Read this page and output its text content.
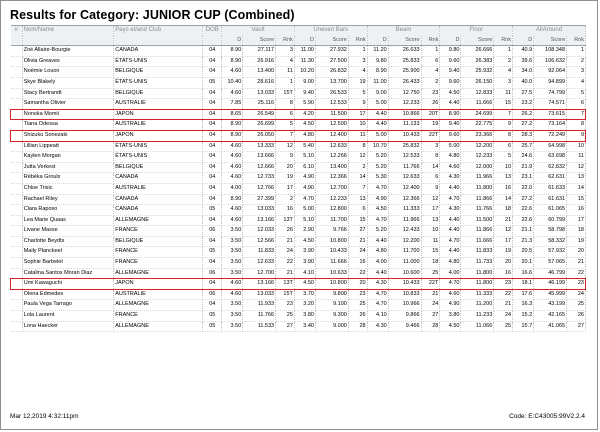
Results for Category: JUNIOR CUP (Combined)
#	Nom/Name	Pays et/and Club	DOB	Vault			Uneven Bars			Beam			Floor			AllAround		
				D	Score	Rnk	D	Score	Rnk	D	Score	Rnk	D	Score	Rnk	D	Score	Rnk
	Zoé Allaire-Bourgie	CANADA	04	8.90	27.117	3	11.00	27.932	1	11.20	26.633	1	9.80	26.666	1	40.9	108.348	1
	Olivia Greaves	ÉTATS-UNIS	04	8.90	26.916	4	11.30	27.500	3	9.80	25.833	6	9.60	26.383	2	39.6	106.632	2
	Noémie Louon	BELGIQUE	04	4.60	13.400	11	10.20	26.832	4	8.90	25.900	4	9.40	25.932	4	34.0	92.064	3
	Skye Blakely	ÉTATS-UNIS	05	10.40	28.616	1	9.00	13.700	19	11.00	26.433	2	9.60	26.150	3	40.0	94.899	4
	Stacy Bertrandt	BELGIQUE	04	4.60	13.033	15T	9.40	26.533	5	9.00	12.750	23	4.50	12.833	11	27.5	74.799	5
	Samantha Olivier	AUSTRALIE	04	7.85	25.116	8	5.90	12.533	9	5.00	12.233	26	4.40	11.666	15	23.2	74.571	6
	Nonoka Momii	JAPON	04	8.65	26.549	6	4.20	11.500	17	4.40	10.866	20T	8.90	24.699	7	26.2	73.615	7
	Tiana Odessa	AUSTRALIE	04	8.90	26.699	5	4.50	12.500	10	4.40	11.133	19	9.40	22.775	9	27.2	73.164	8
	Shizuku Sonezaki	JAPON	04	8.90	26.050	7	4.80	12.400	11	5.00	10.433	22T	9.60	23.366	8	28.3	72.249	9
	Lillian Lippeatt	ÉTATS-UNIS	04	4.60	13.333	12	5.40	12.633	8	10.70	25.832	3	5.00	12.200	6	25.7	64.998	10
	Kaylen Morgan	ÉTATS-UNIS	04	4.60	13.666	9	5.10	12.266	12	5.20	12.533	8	4.80	12.233	5	24.6	63.698	11
	Jutta Verkest	BELGIQUE	04	4.60	12.666	20	6.10	13.400	2	5.20	11.766	14	4.60	12.000	10	21.9	62.832	12
	Rébéka Groulx	CANADA	04	4.60	12.733	19	4.90	12.366	14	5.30	12.633	6	4.30	11.966	13	23.1	62.631	13
	Chloe Trisic	AUSTRALIE	04	4.00	12.766	17	4.90	12.700	7	4.70	12.400	9	4.40	11.800	16	22.0	61.633	14
	Rachael Riley	CANADA	04	8.90	27.399	2	4.70	12.233	13	4.90	12.366	12	4.70	11.866	14	27.2	61.631	15
	Clara Raposo	CANADA	05	4.60	13.033	16	5.00	12.800	6	4.50	11.333	17	4.30	11.766	18	22.6	61.065	16
	Lea Marie Quaas	ALLEMAGNE	04	4.60	13.166	13T	5.10	11.700	15	4.70	11.966	13	4.40	11.500	21	22.6	60.799	17
	Livane Masse	FRANCE	06	3.50	12.033	26	2.90	9.766	27	5.20	12.433	10	4.40	11.866	12	21.1	58.798	18
	Charlotte Beydts	BELGIQUE	04	3.50	12.566	21	4.50	10.800	21	4.40	12.200	11	4.70	11.666	17	21.3	58.332	19
	Maily Planckeel	FRANCE	05	3.50	11.833	24	3.90	10.433	24	4.80	11.700	15	4.40	11.833	19	20.5	57.932	20
	Sophie Barbelet	FRANCE	04	3.50	12.633	22	3.90	11.666	16	4.00	11.000	18	4.80	11.733	20	20.1	57.065	21
	Catalina Santos Moran Diaz	ALLEMAGNE	06	3.50	12.700	21	4.10	10.633	22	4.40	10.600	25	4.00	11.800	16	16.6	46.799	22
	Umi Kawaguchi	JAPON	04	4.60	13.166	13T	4.50	10.800	20	4.30	10.433	22T	4.70	11.800	23	18.1	46.199	23
	Olena Edmedes	AUSTRALIE	06	4.60	13.033	15T	3.70	9.800	23	4.70	10.833	21	4.60	11.333	22	17.6	45.999	24
	Paula Vega Tarrago	ALLEMAGNE	04	3.50	11.933	23	3.20	9.100	25	4.70	10.966	24	4.90	11.200	21	16.3	43.199	25
	Lola Laurent	FRANCE	05	3.50	11.766	25	3.80	9.300	26	4.10	9.866	27	3.80	11.233	24	15.2	42.165	26
	Lona Haecker	ALLEMAGNE	05	3.50	11.533	27	3.40	9.000	28	4.30	9.466	28	4.50	11.066	25	15.7	41.065	27
Mar 12,2019 4:32:11pm	Code: E:C43005:99V2.2.4
